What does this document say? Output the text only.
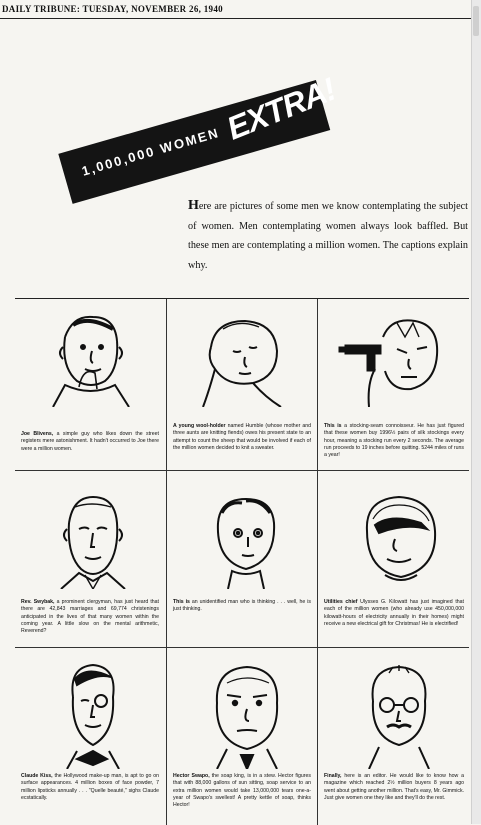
DAILY TRIBUNE: TUESDAY, NOVEMBER 26, 1940
1,000,000 WOMEN
EXTRA!
Here are pictures of some men we know contemplating the subject of women. Men contemplating women always look baffled. But these men are contemplating a million women. The captions explain why.
Joe Blivens, a simple guy who likes down the street registers mere astonishment. It hadn't occurred to Joe there were a million women.
A young wool-holder named Humble (whose mother and three aunts are knitting fiends) owes his present state to an attempt to count the sheep that would be involved if each of the million women decided to knit a sweater.
This is a stocking-seam connoisseur. He has just figured that these women buy 1996½ pairs of silk stockings every hour, meaning a stocking run every 2 seconds. The average run proceeds to 19 inches before quitting. 5244 miles of runs a year!
Rev. Swybak, a prominent clergyman, has just heard that there are 42,843 marriages and 69,774 christenings anticipated in the lives of that many women within the coming year. A little slow on the mental arithmetic, Reverend?
This is an unidentified man who is thinking . . . well, he is just thinking.
Utilities chief Ulysses G. Kilowatt has just imagined that each of the million women (who already use 450,000,000 kilowatt-hours of electricity annually in their homes) might receive a new electrical gift for Christmas! He is electrified!
Claude Kiss, the Hollywood make-up man, is apt to go on surface appearances. 4 million boxes of face powder, 7 million lipsticks annually . . . "Quelle beauté," sighs Claude ecstatically.
Hector Swapo, the soap king, is in a stew. Hector figures that with 88,000 gallons of sun sitting, soap service to an extra million women would take 13,000,000 tears one-a-year of Swapo's swellest! A pretty kettle of soap, thinks Hector!
Finally, here is an editor. He would like to know how a magazine which reached 2½ million buyers 8 years ago went about getting another million. That's easy, Mr. Gimmick. Just give women one they like and they'll do the rest.
